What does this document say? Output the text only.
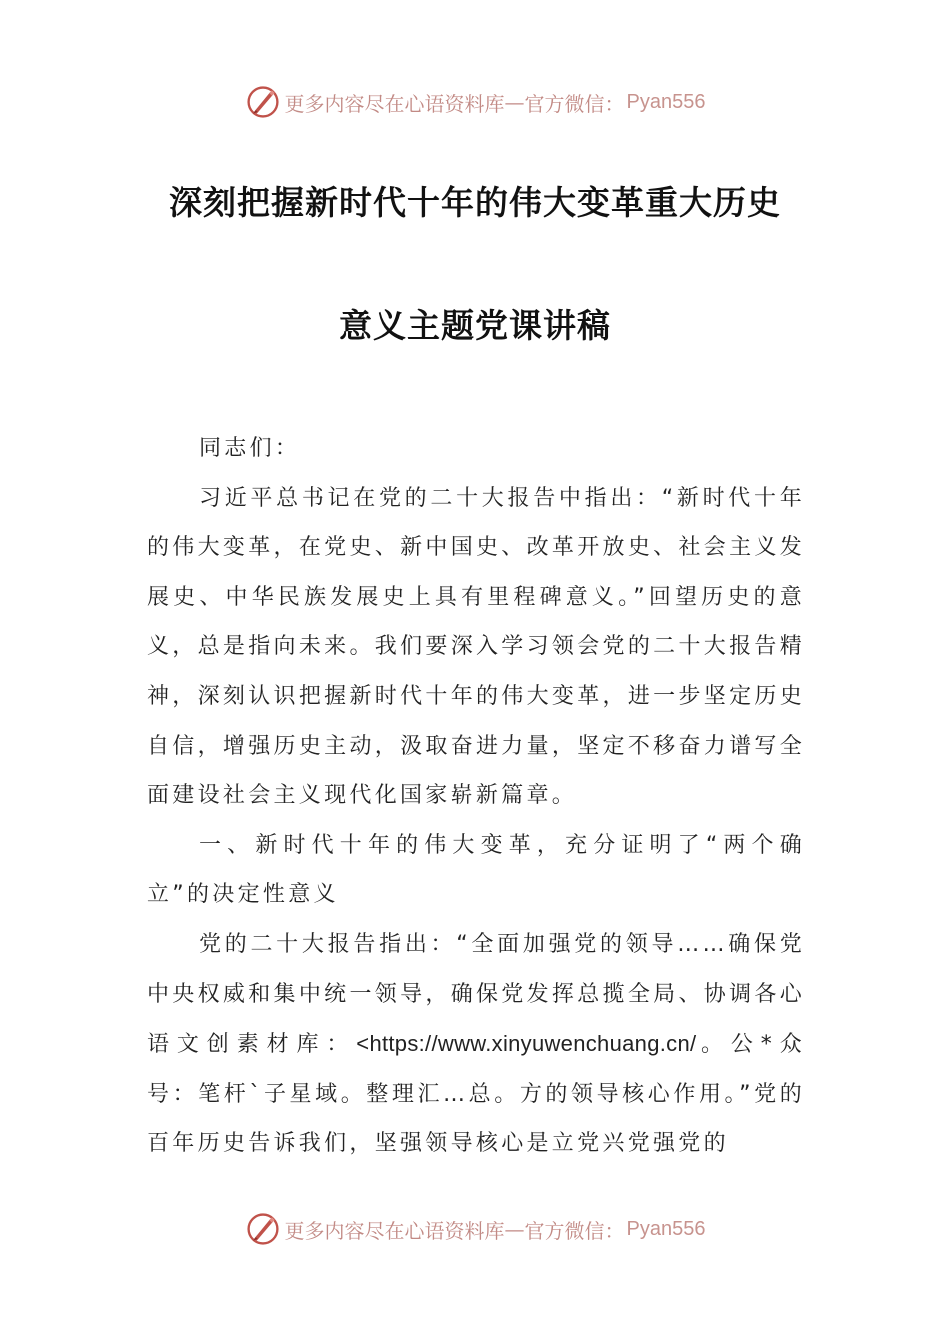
更多内容尽在心语资料库 — 官方微信： Pyan556
深刻把握新时代十年的伟大变革重大历史
意义主题党课讲稿

同志们：

习近平总书记在党的二十大报告中指出：“新时代十年的伟大变革，在党史、新中国史、改革开放史、社会主义发展史、中华民族发展史上具有里程碑意义。”回望历史的意义，总是指向未来。我们要深入学习领会党的二十大报告精神，深刻认识把握新时代十年的伟大变革，进一步坚定历史自信，增强历史主动，汲取奋进力量，坚定不移奋力谱写全面建设社会主义现代化国家崭新篇章。

一、新时代十年的伟大变革，充分证明了“两个确立”的决定性意义

党的二十大报告指出：“全面加强党的领导……确保党中央权威和集中统一领导，确保党发挥总揽全局、协调各心语文创素材库：<https://www.xinyuwenchuang.cn/。公*众号：笔杆`子星域。整理汇…总。方的领导核心作用。”党的百年历史告诉我们，坚强领导核心是立党兴党强党的

更多内容尽在心语资料库 — 官方微信： Pyan556
